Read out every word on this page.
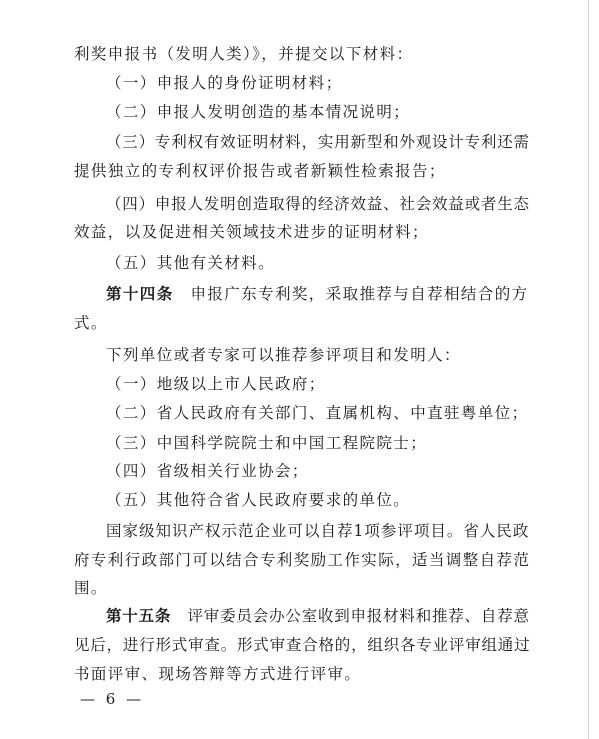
利奖申报书（发明人类）》，并提交以下材料：
（一）申报人的身份证明材料；
（二）申报人发明创造的基本情况说明；
（三）专利权有效证明材料，实用新型和外观设计专利还需
提供独立的专利权评价报告或者新颖性检索报告；
（四）申报人发明创造取得的经济效益、社会效益或者生态
效益，以及促进相关领域技术进步的证明材料；
（五）其他有关材料。
第十四条　申报广东专利奖，采取推荐与自荐相结合的方
式。
下列单位或者专家可以推荐参评项目和发明人：
（一）地级以上市人民政府；
（二）省人民政府有关部门、直属机构、中直驻粤单位；
（三）中国科学院院士和中国工程院院士；
（四）省级相关行业协会；
（五）其他符合省人民政府要求的单位。
国家级知识产权示范企业可以自荐1项参评项目。省人民政
府专利行政部门可以结合专利奖励工作实际，适当调整自荐范
围。
第十五条　评审委员会办公室收到申报材料和推荐、自荐意
见后，进行形式审查。形式审查合格的，组织各专业评审组通过
书面评审、现场答辩等方式进行评审。
— 6 —
